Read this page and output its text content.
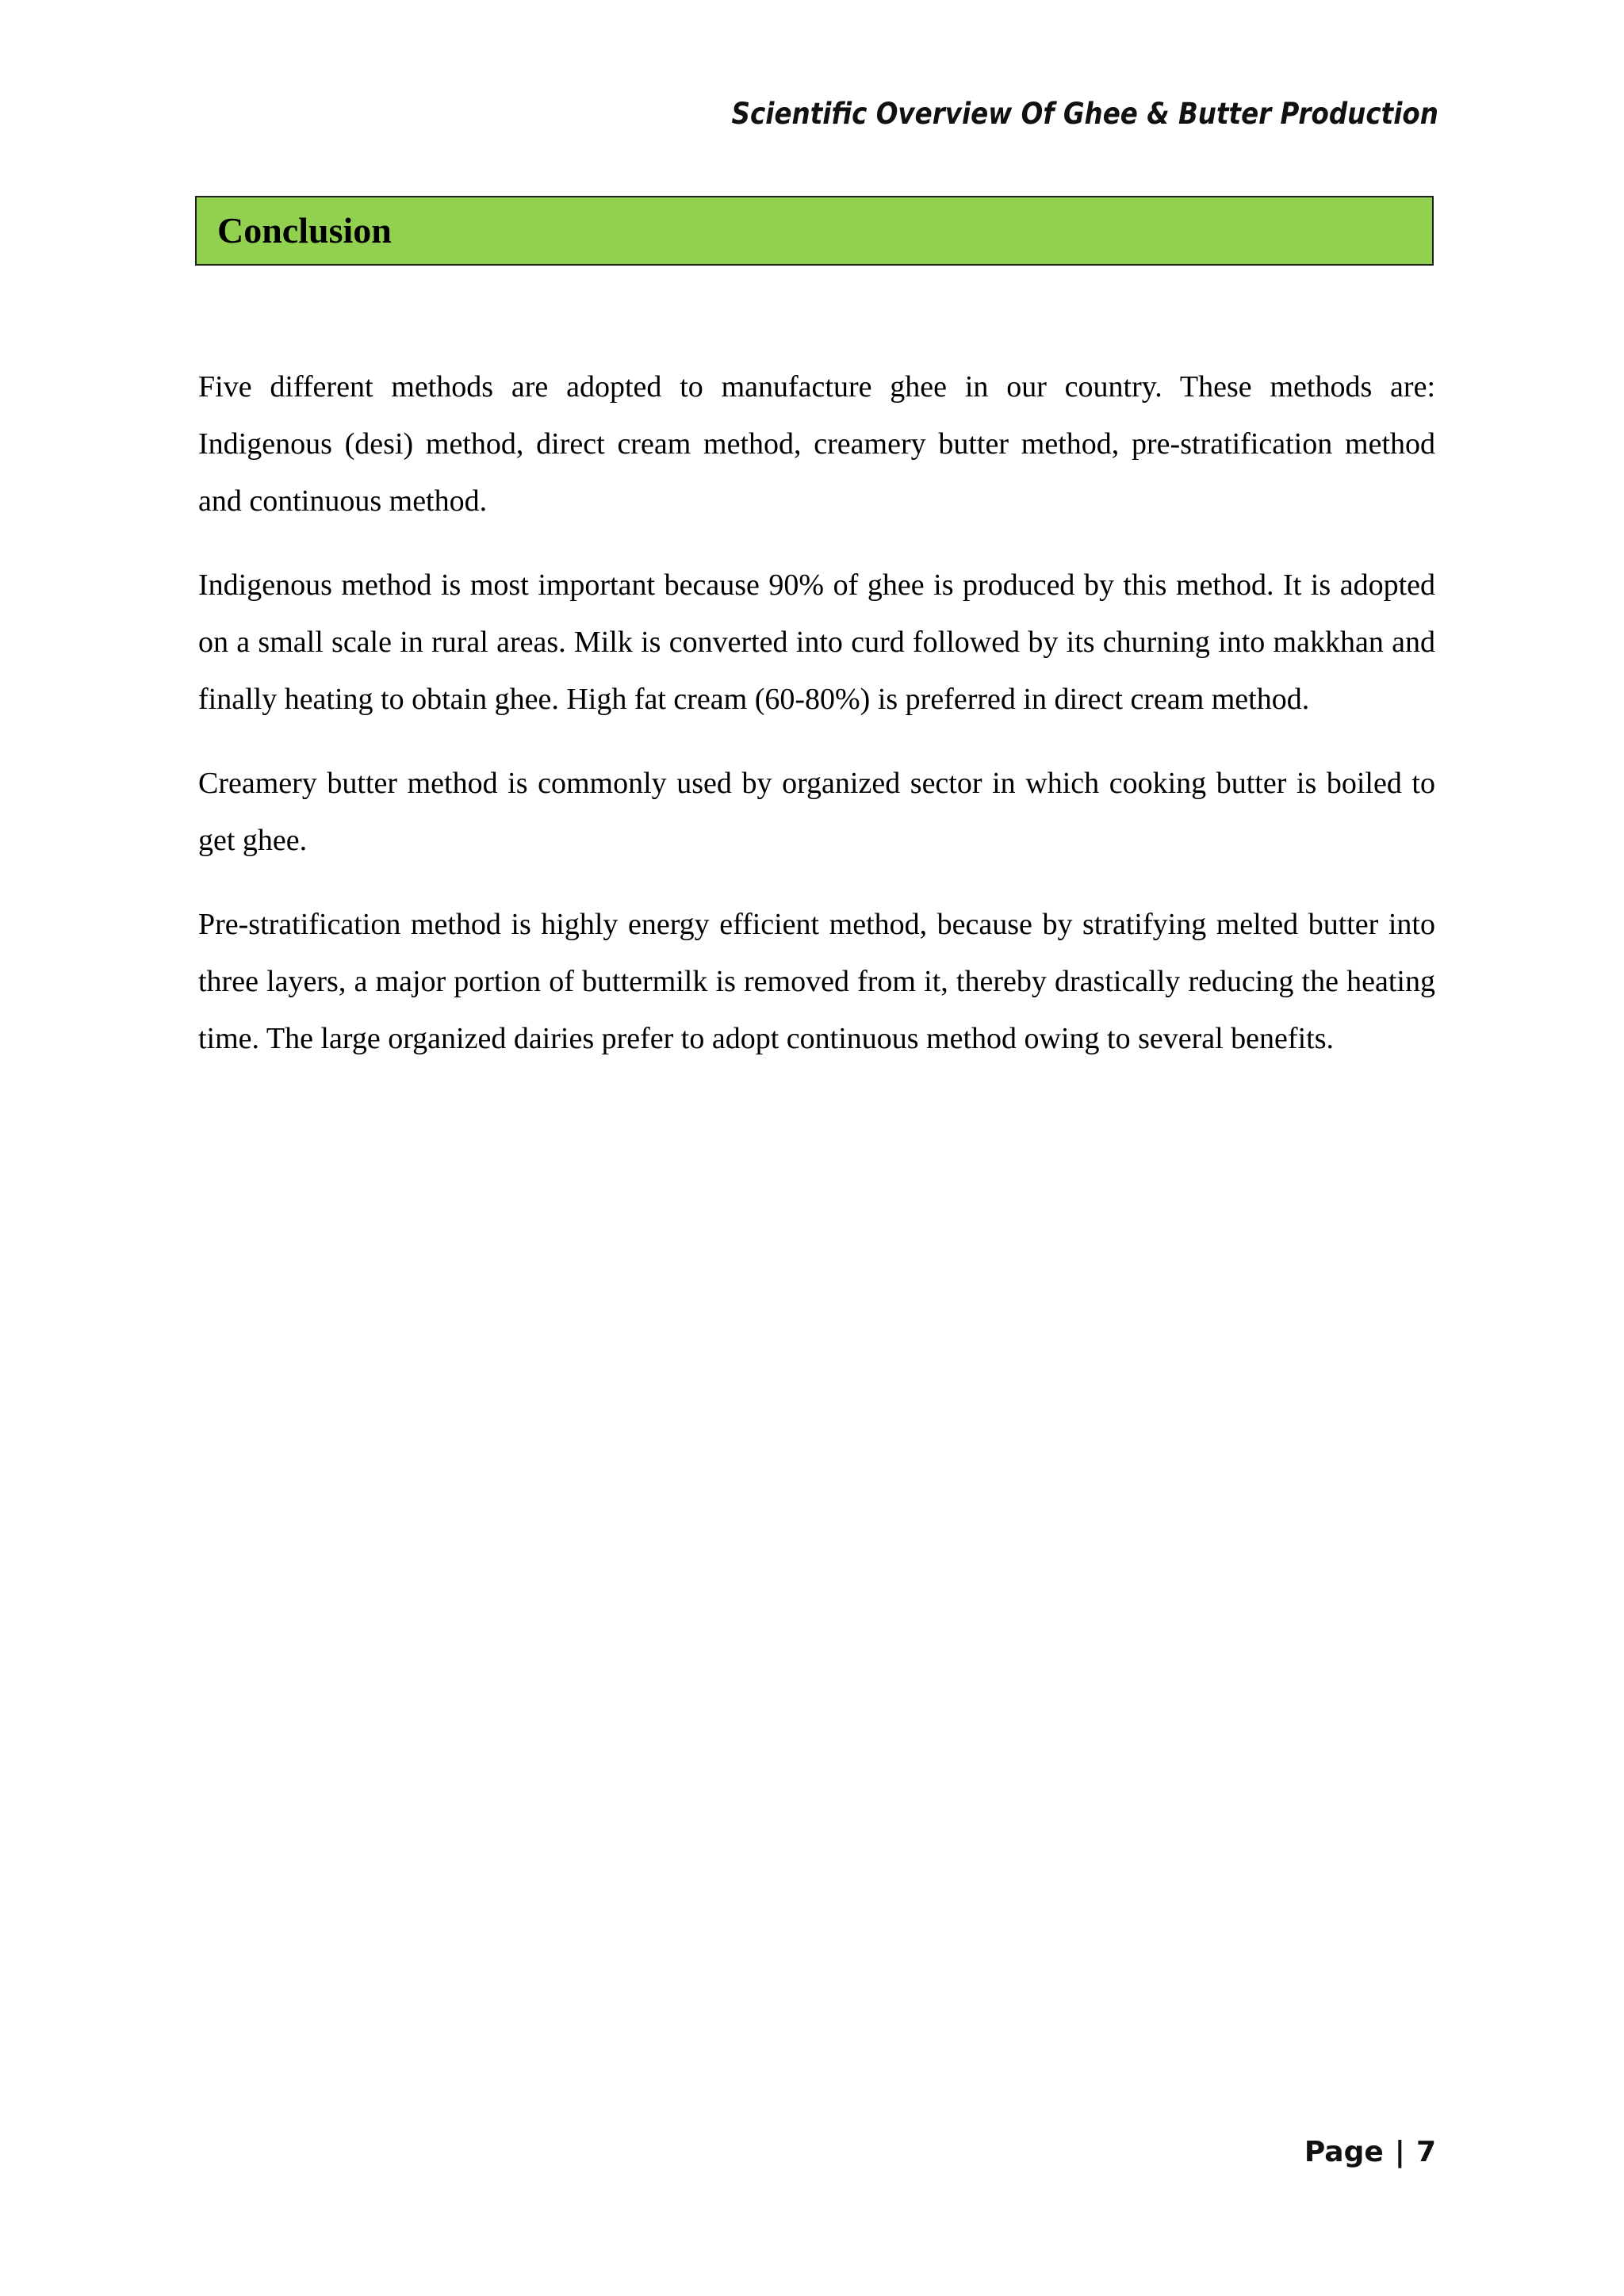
Scientific Overview Of Ghee & Butter Production
Conclusion

Five different methods are adopted to manufacture ghee in our country. These methods are: Indigenous (desi) method, direct cream method, creamery butter method, pre-stratification method and continuous method.

Indigenous method is most important because 90% of ghee is produced by this method. It is adopted on a small scale in rural areas. Milk is converted into curd followed by its churning into makkhan and finally heating to obtain ghee. High fat cream (60-80%) is preferred in direct cream method.

Creamery butter method is commonly used by organized sector in which cooking butter is boiled to get ghee.

Pre-stratification method is highly energy efficient method, because by stratifying melted butter into three layers, a major portion of buttermilk is removed from it, thereby drastically reducing the heating time. The large organized dairies prefer to adopt continuous method owing to several benefits.

Page | 7
